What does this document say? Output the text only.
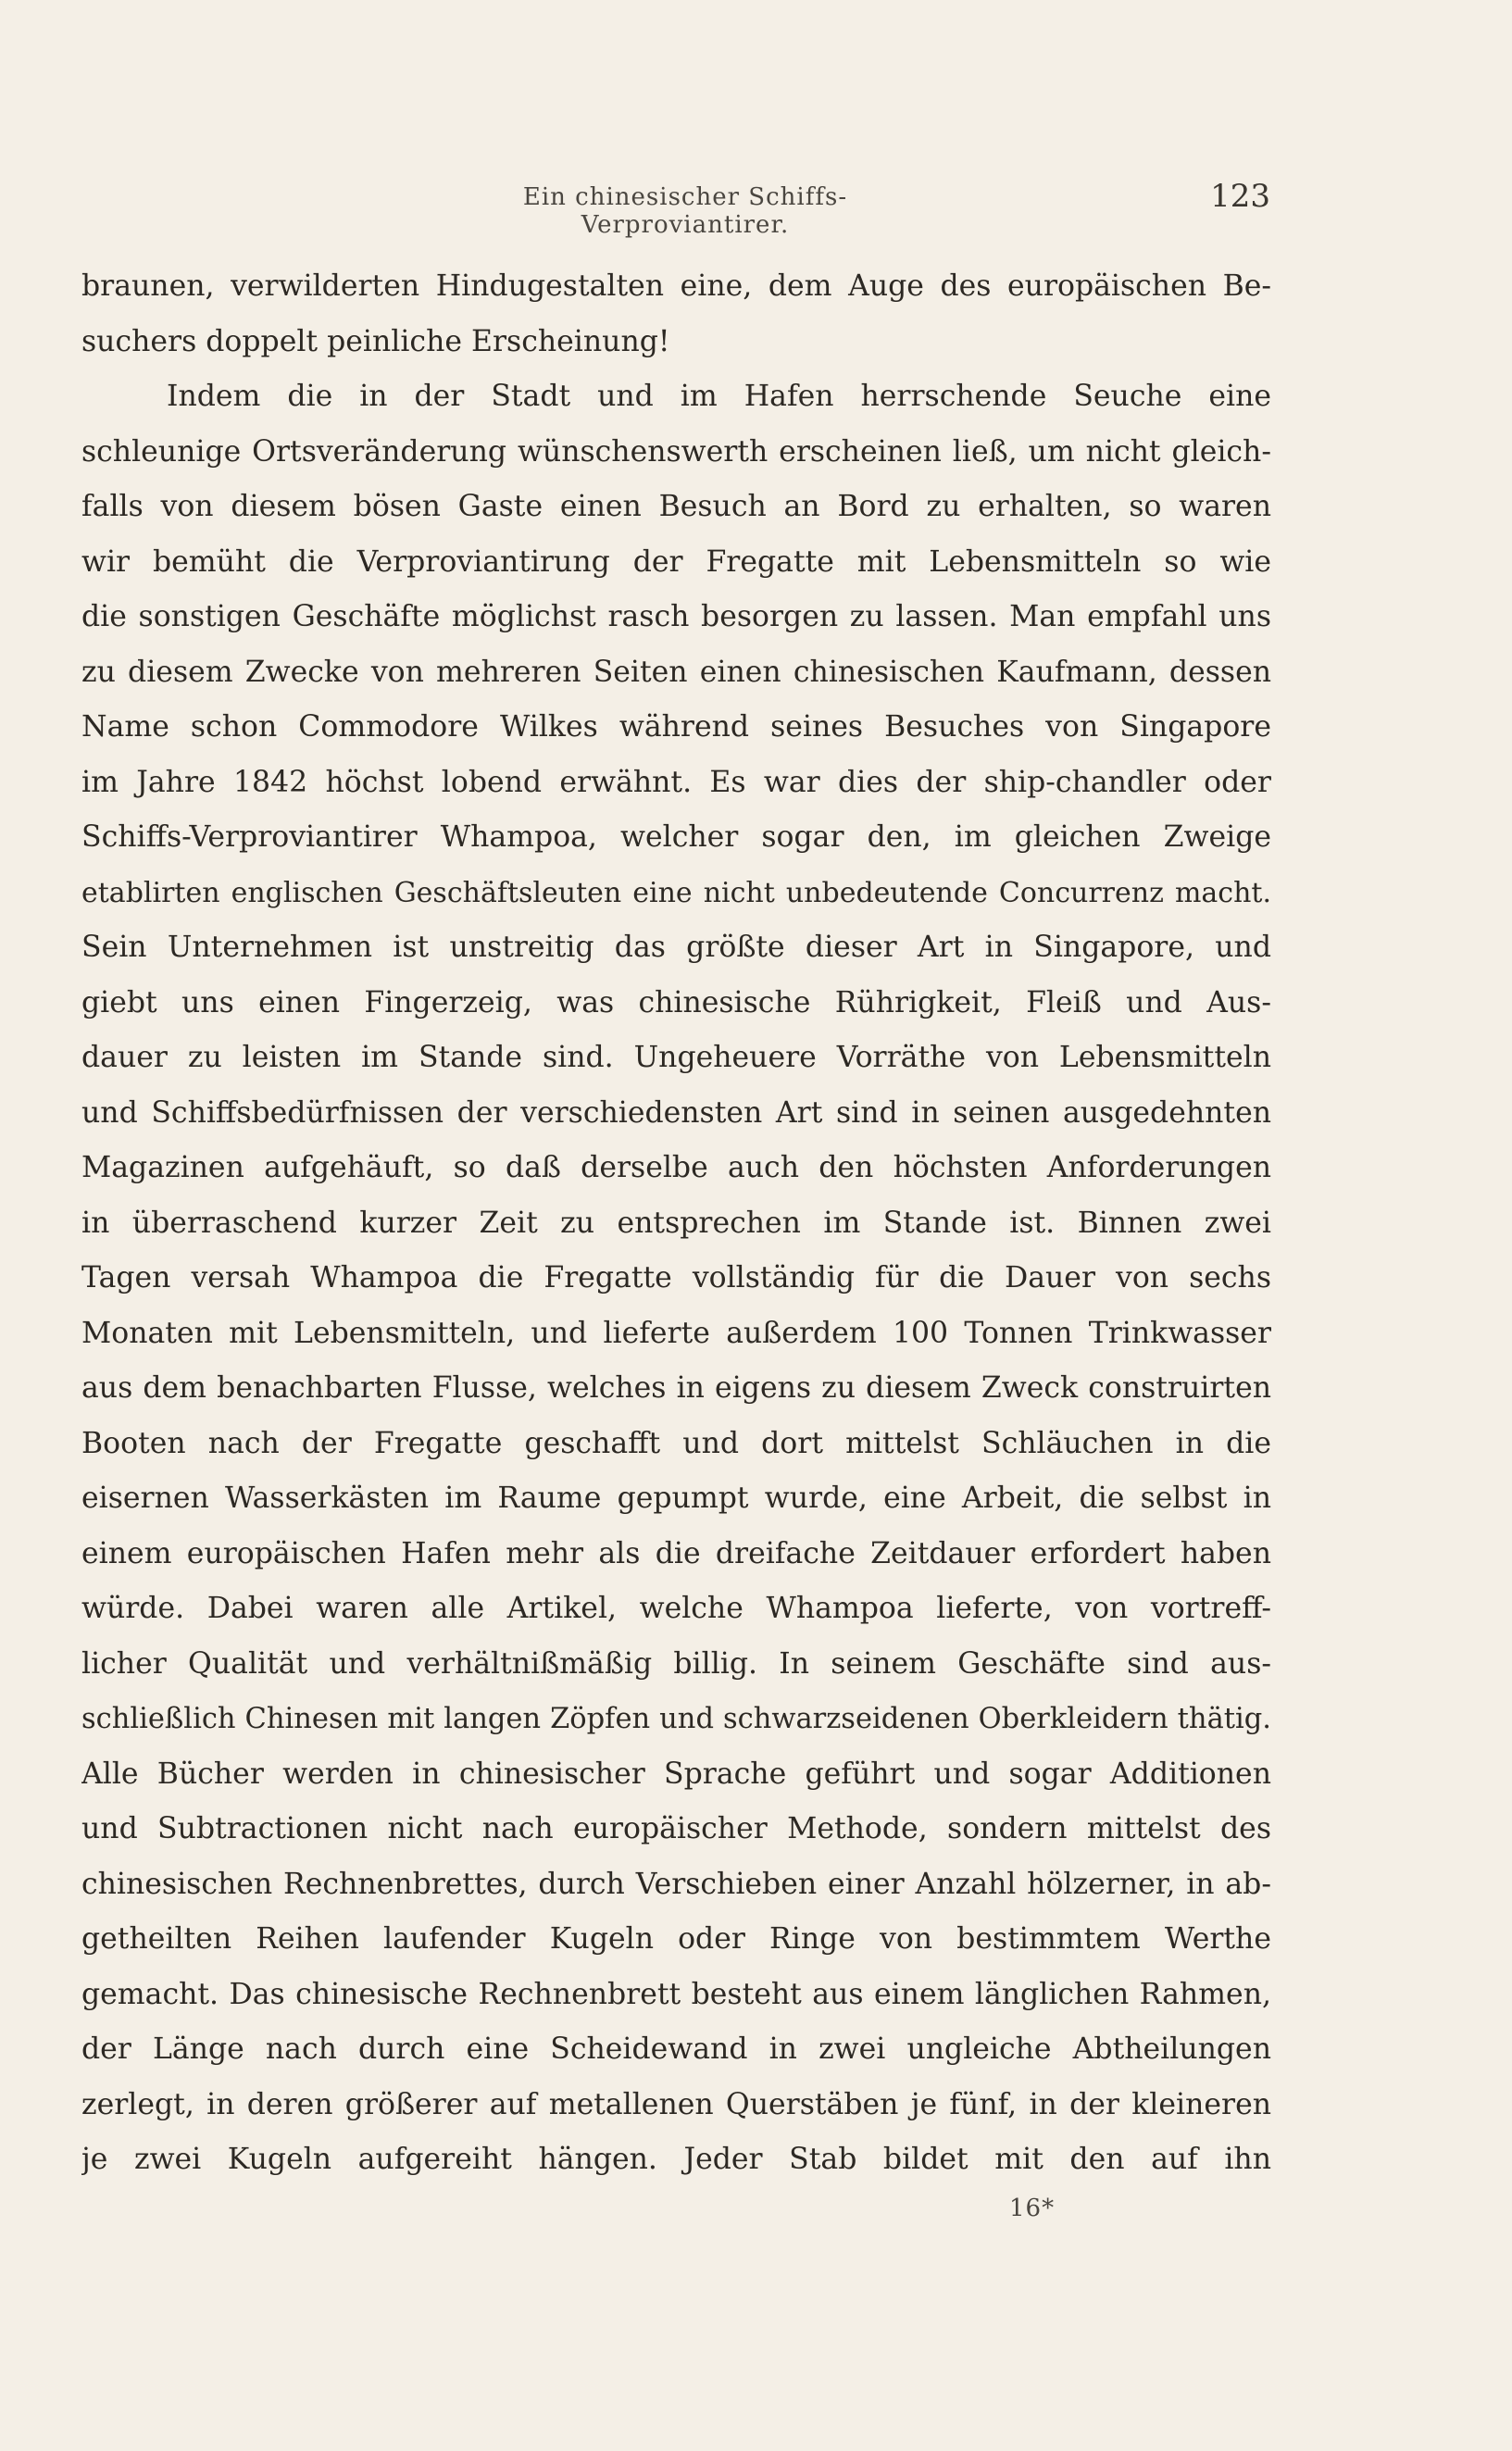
Ein chinesischer Schiffs-Verproviantirer.
123
braunen, verwilderten Hindugestalten eine, dem Auge des europäischen Be-
suchers doppelt peinliche Erscheinung!
Indem die in der Stadt und im Hafen herrschende Seuche eine
schleunige Ortsveränderung wünschenswerth erscheinen ließ, um nicht gleich-
falls von diesem bösen Gaste einen Besuch an Bord zu erhalten, so waren
wir bemüht die Verproviantirung der Fregatte mit Lebensmitteln so wie
die sonstigen Geschäfte möglichst rasch besorgen zu lassen. Man empfahl uns
zu diesem Zwecke von mehreren Seiten einen chinesischen Kaufmann, dessen
Name schon Commodore Wilkes während seines Besuches von Singapore
im Jahre 1842 höchst lobend erwähnt. Es war dies der ship-chandler oder
Schiffs-Verproviantirer Whampoa, welcher sogar den, im gleichen Zweige
etablirten englischen Geschäftsleuten eine nicht unbedeutende Concurrenz macht.
Sein Unternehmen ist unstreitig das größte dieser Art in Singapore, und
giebt uns einen Fingerzeig, was chinesische Rührigkeit, Fleiß und Aus-
dauer zu leisten im Stande sind. Ungeheuere Vorräthe von Lebensmitteln
und Schiffsbedürfnissen der verschiedensten Art sind in seinen ausgedehnten
Magazinen aufgehäuft, so daß derselbe auch den höchsten Anforderungen
in überraschend kurzer Zeit zu entsprechen im Stande ist. Binnen zwei
Tagen versah Whampoa die Fregatte vollständig für die Dauer von sechs
Monaten mit Lebensmitteln, und lieferte außerdem 100 Tonnen Trinkwasser
aus dem benachbarten Flusse, welches in eigens zu diesem Zweck construirten
Booten nach der Fregatte geschafft und dort mittelst Schläuchen in die
eisernen Wasserkästen im Raume gepumpt wurde, eine Arbeit, die selbst in
einem europäischen Hafen mehr als die dreifache Zeitdauer erfordert haben
würde. Dabei waren alle Artikel, welche Whampoa lieferte, von vortreff-
licher Qualität und verhältnißmäßig billig. In seinem Geschäfte sind aus-
schließlich Chinesen mit langen Zöpfen und schwarzseidenen Oberkleidern thätig.
Alle Bücher werden in chinesischer Sprache geführt und sogar Additionen
und Subtractionen nicht nach europäischer Methode, sondern mittelst des
chinesischen Rechnenbrettes, durch Verschieben einer Anzahl hölzerner, in ab-
getheilten Reihen laufender Kugeln oder Ringe von bestimmtem Werthe
gemacht. Das chinesische Rechnenbrett besteht aus einem länglichen Rahmen,
der Länge nach durch eine Scheidewand in zwei ungleiche Abtheilungen
zerlegt, in deren größerer auf metallenen Querstäben je fünf, in der kleineren
je zwei Kugeln aufgereiht hängen. Jeder Stab bildet mit den auf ihn
16*
